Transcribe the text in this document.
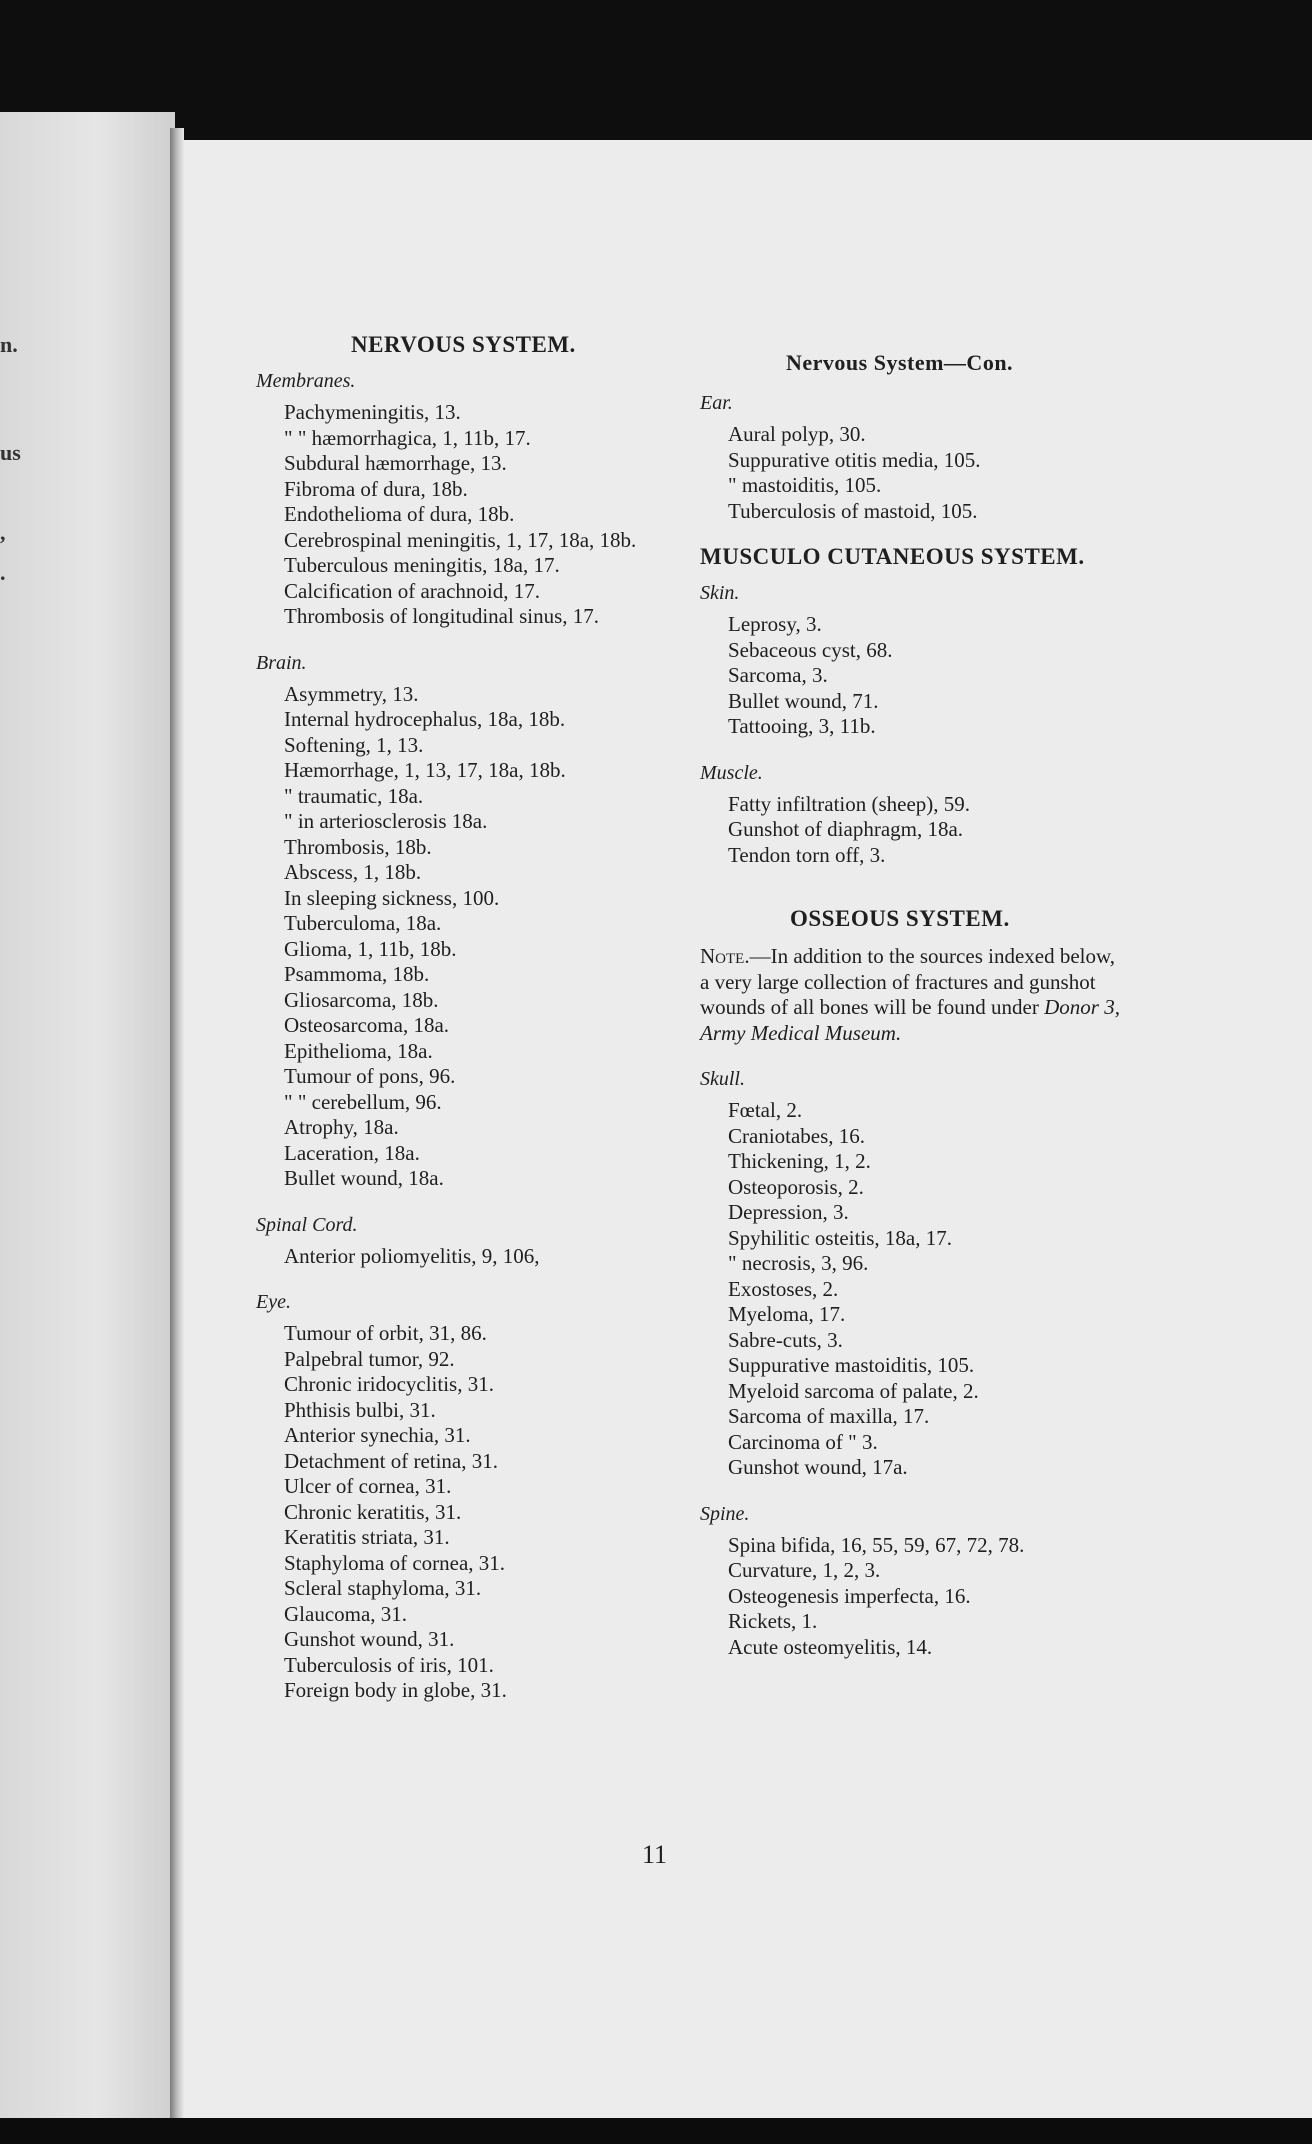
n.
us
,
.
NERVOUS SYSTEM.
Membranes.
Pachymeningitis, 13.
" " hæmorrhagica, 1, 11b, 17.
Subdural hæmorrhage, 13.
Fibroma of dura, 18b.
Endothelioma of dura, 18b.
Cerebrospinal meningitis, 1, 17, 18a, 18b.
Tuberculous meningitis, 18a, 17.
Calcification of arachnoid, 17.
Thrombosis of longitudinal sinus, 17.
Brain.
Asymmetry, 13.
Internal hydrocephalus, 18a, 18b.
Softening, 1, 13.
Hæmorrhage, 1, 13, 17, 18a, 18b.
" traumatic, 18a.
" in arteriosclerosis 18a.
Thrombosis, 18b.
Abscess, 1, 18b.
In sleeping sickness, 100.
Tuberculoma, 18a.
Glioma, 1, 11b, 18b.
Psammoma, 18b.
Gliosarcoma, 18b.
Osteosarcoma, 18a.
Epithelioma, 18a.
Tumour of pons, 96.
" " cerebellum, 96.
Atrophy, 18a.
Laceration, 18a.
Bullet wound, 18a.
Spinal Cord.
Anterior poliomyelitis, 9, 106,
Eye.
Tumour of orbit, 31, 86.
Palpebral tumor, 92.
Chronic iridocyclitis, 31.
Phthisis bulbi, 31.
Anterior synechia, 31.
Detachment of retina, 31.
Ulcer of cornea, 31.
Chronic keratitis, 31.
Keratitis striata, 31.
Staphyloma of cornea, 31.
Scleral staphyloma, 31.
Glaucoma, 31.
Gunshot wound, 31.
Tuberculosis of iris, 101.
Foreign body in globe, 31.
Nervous System—Con.
Ear.
Aural polyp, 30.
Suppurative otitis media, 105.
" mastoiditis, 105.
Tuberculosis of mastoid, 105.
MUSCULO CUTANEOUS SYSTEM.
Skin.
Leprosy, 3.
Sebaceous cyst, 68.
Sarcoma, 3.
Bullet wound, 71.
Tattooing, 3, 11b.
Muscle.
Fatty infiltration (sheep), 59.
Gunshot of diaphragm, 18a.
Tendon torn off, 3.
OSSEOUS SYSTEM.

Note.—In addition to the sources indexed below, a very large collection of fractures and gunshot wounds of all bones will be found under Donor 3, Army Medical Museum.

Skull.
Fœtal, 2.
Craniotabes, 16.
Thickening, 1, 2.
Osteoporosis, 2.
Depression, 3.
Spyhilitic osteitis, 18a, 17.
" necrosis, 3, 96.
Exostoses, 2.
Myeloma, 17.
Sabre-cuts, 3.
Suppurative mastoiditis, 105.
Myeloid sarcoma of palate, 2.
Sarcoma of maxilla, 17.
Carcinoma of " 3.
Gunshot wound, 17a.
Spine.
Spina bifida, 16, 55, 59, 67, 72, 78.
Curvature, 1, 2, 3.
Osteogenesis imperfecta, 16.
Rickets, 1.
Acute osteomyelitis, 14.
11
